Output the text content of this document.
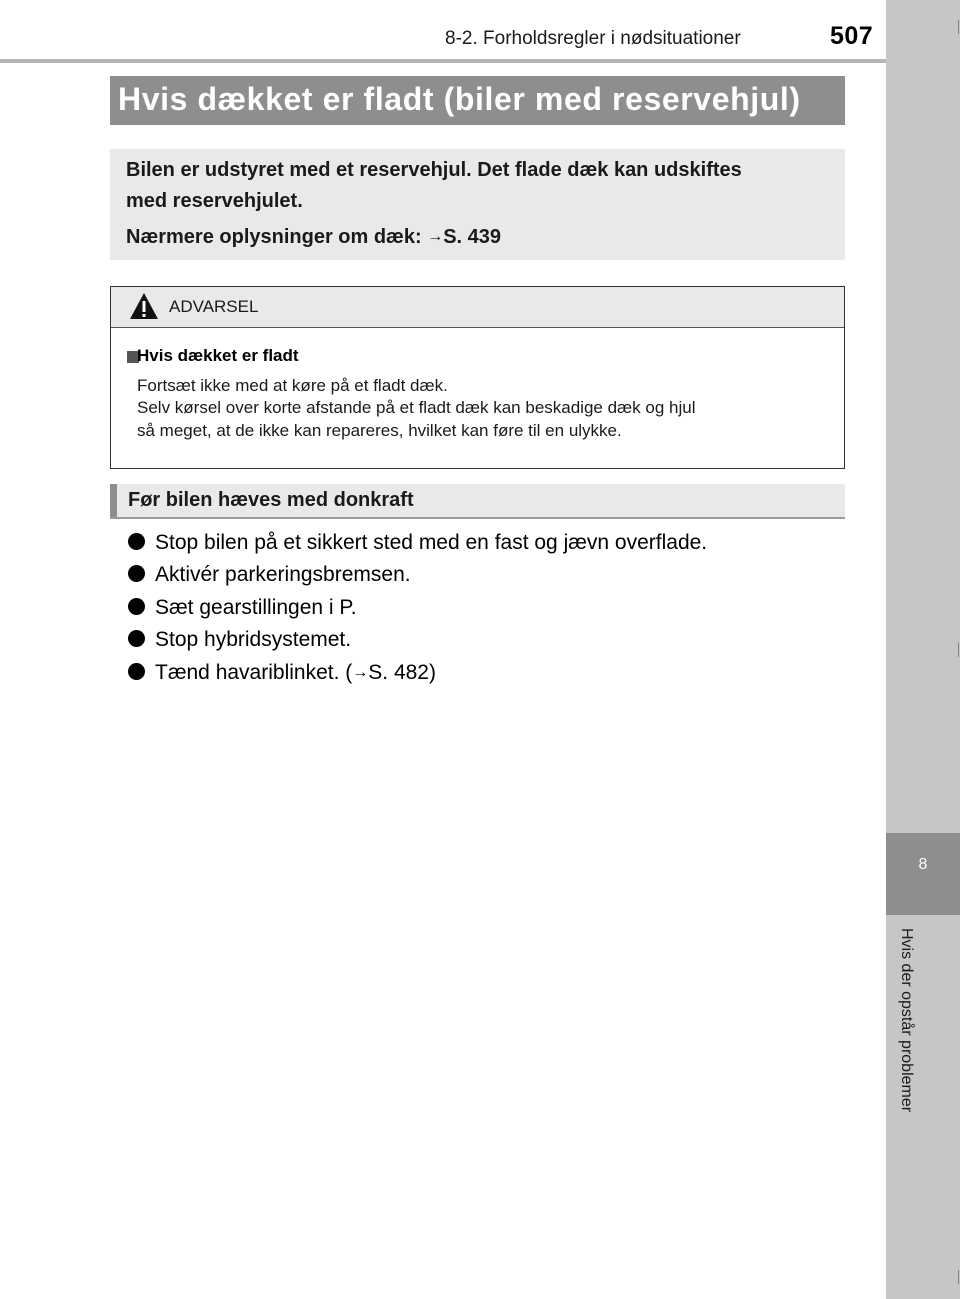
8-2. Forholdsregler i nødsituationer	507
8
Hvis der opstår problemer
Hvis dækket er fladt (biler med reservehjul)
Bilen er udstyret med et reservehjul. Det flade dæk kan udskiftes
med reservehjulet.
Nærmere oplysninger om dæk: →S. 439
ADVARSEL
Hvis dækket er fladt
Fortsæt ikke med at køre på et fladt dæk.
Selv kørsel over korte afstande på et fladt dæk kan beskadige dæk og hjul
så meget, at de ikke kan repareres, hvilket kan føre til en ulykke.
Før bilen hæves med donkraft
Stop bilen på et sikkert sted med en fast og jævn overflade.
Aktivér parkeringsbremsen.
Sæt gearstillingen i P.
Stop hybridsystemet.
Tænd havariblinket. (→S. 482)
